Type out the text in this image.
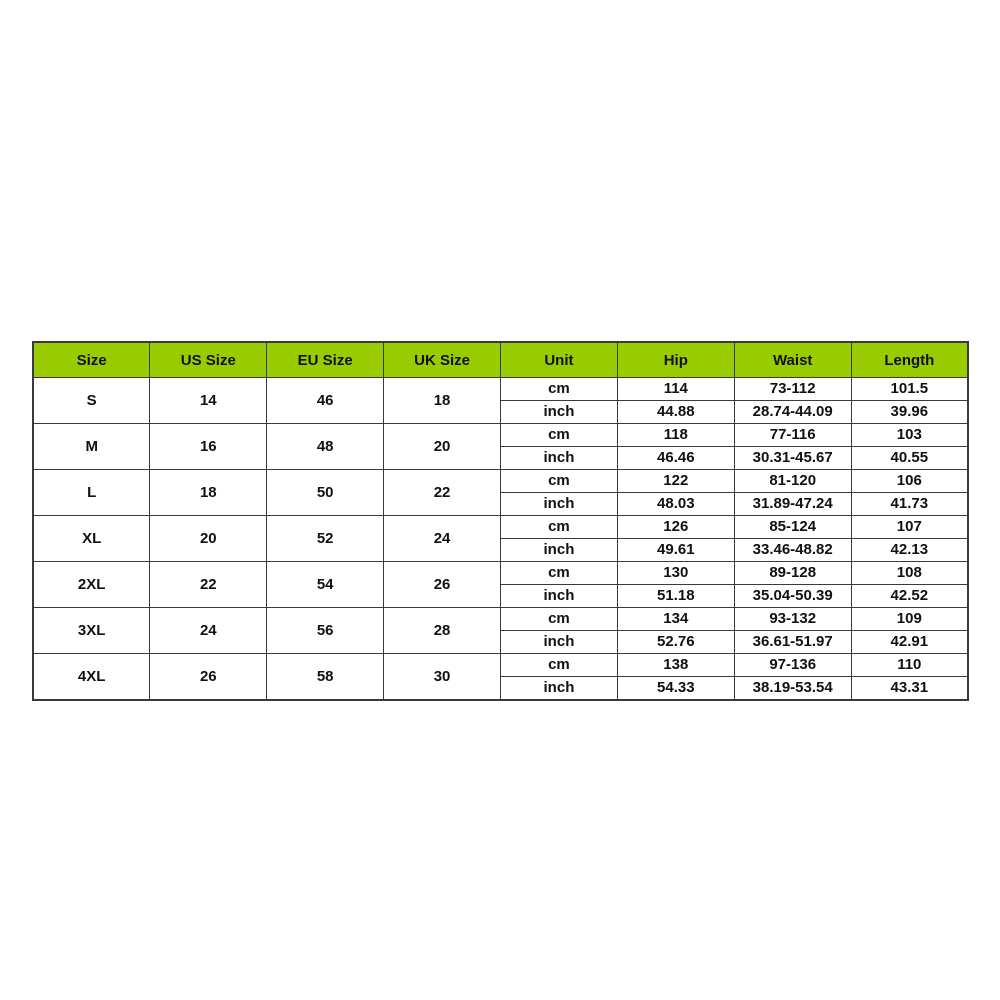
Size	US Size	EU Size	UK Size	Unit	Hip	Waist	Length
S	14	46	18	cm	114	73-112	101.5
				inch	44.88	28.74-44.09	39.96
M	16	48	20	cm	118	77-116	103
				inch	46.46	30.31-45.67	40.55
L	18	50	22	cm	122	81-120	106
				inch	48.03	31.89-47.24	41.73
XL	20	52	24	cm	126	85-124	107
				inch	49.61	33.46-48.82	42.13
2XL	22	54	26	cm	130	89-128	108
				inch	51.18	35.04-50.39	42.52
3XL	24	56	28	cm	134	93-132	109
				inch	52.76	36.61-51.97	42.91
4XL	26	58	30	cm	138	97-136	110
				inch	54.33	38.19-53.54	43.31
